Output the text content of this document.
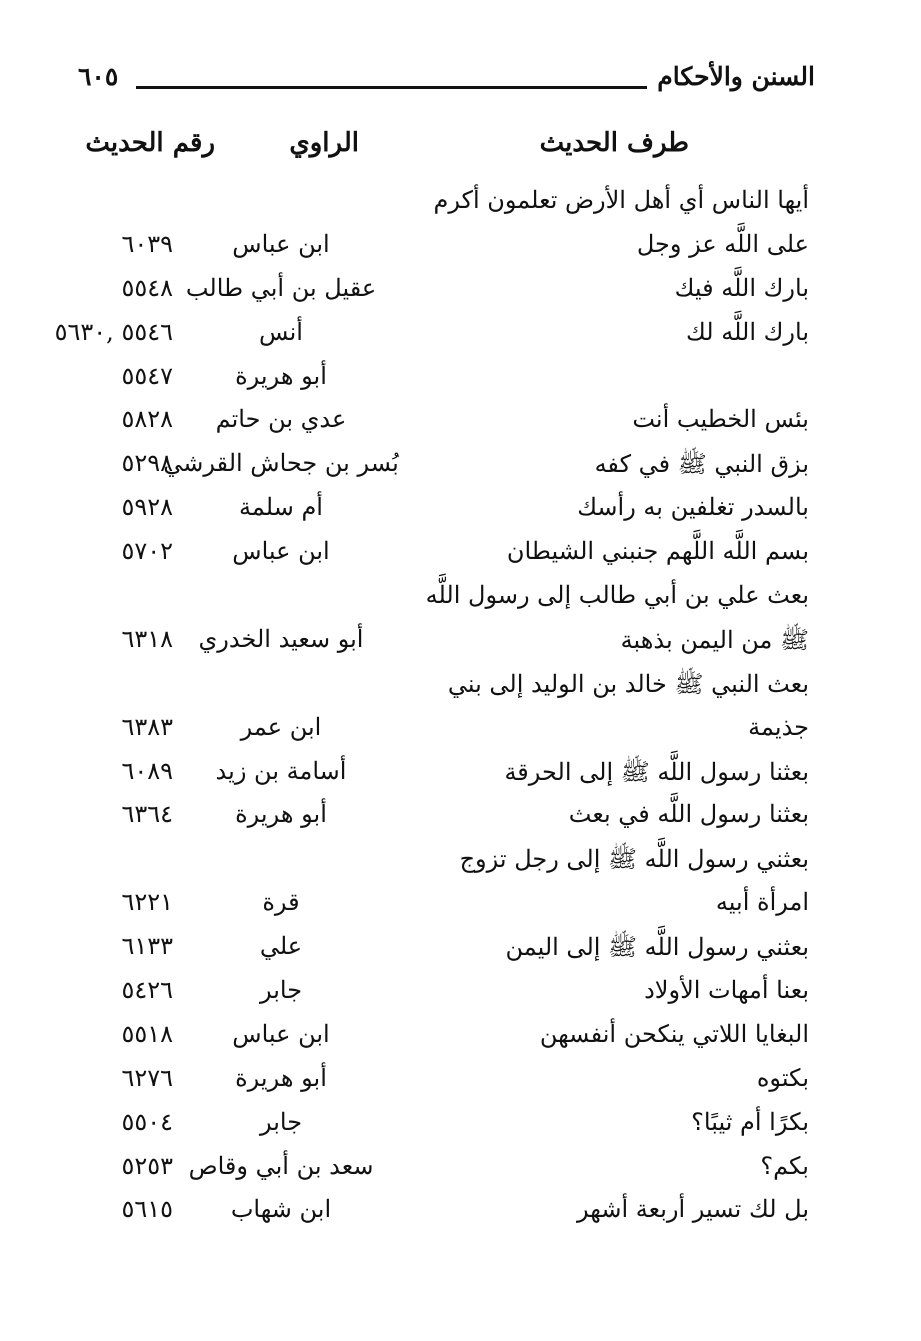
السنن والأحكام
٦٠٥
طرف الحديث
الراوي
رقم الحديث
أيها الناس أي أهل الأرض تعلمون أكرم
على اللَّه عز وجل
ابن عباس
٦٠٣٩
بارك اللَّه فيك
عقيل بن أبي طالب
٥٥٤٨
بارك اللَّه لك
أنس
٥٥٤٦ ,٥٦٣٠
أبو هريرة
٥٥٤٧
بئس الخطيب أنت
عدي بن حاتم
٥٨٢٨
بزق النبي ﷺ في كفه
بُسر بن جحاش القرشي
٥٢٩٨
بالسدر تغلفين به رأسك
أم سلمة
٥٩٢٨
بسم اللَّه اللَّهم جنبني الشيطان
ابن عباس
٥٧٠٢
بعث علي بن أبي طالب إلى رسول اللَّه
ﷺ من اليمن بذهبة
أبو سعيد الخدري
٦٣١٨
بعث النبي ﷺ خالد بن الوليد إلى بني
جذيمة
ابن عمر
٦٣٨٣
بعثنا رسول اللَّه ﷺ إلى الحرقة
أسامة بن زيد
٦٠٨٩
بعثنا رسول اللَّه في بعث
أبو هريرة
٦٣٦٤
بعثني رسول اللَّه ﷺ إلى رجل تزوج
امرأة أبيه
قرة
٦٢٢١
بعثني رسول اللَّه ﷺ إلى اليمن
علي
٦١٣٣
بعنا أمهات الأولاد
جابر
٥٤٢٦
البغايا اللاتي ينكحن أنفسهن
ابن عباس
٥٥١٨
بكتوه
أبو هريرة
٦٢٧٦
بكرًا أم ثيبًا؟
جابر
٥٥٠٤
بكم؟
سعد بن أبي وقاص
٥٢٥٣
بل لك تسير أربعة أشهر
ابن شهاب
٥٦١٥
